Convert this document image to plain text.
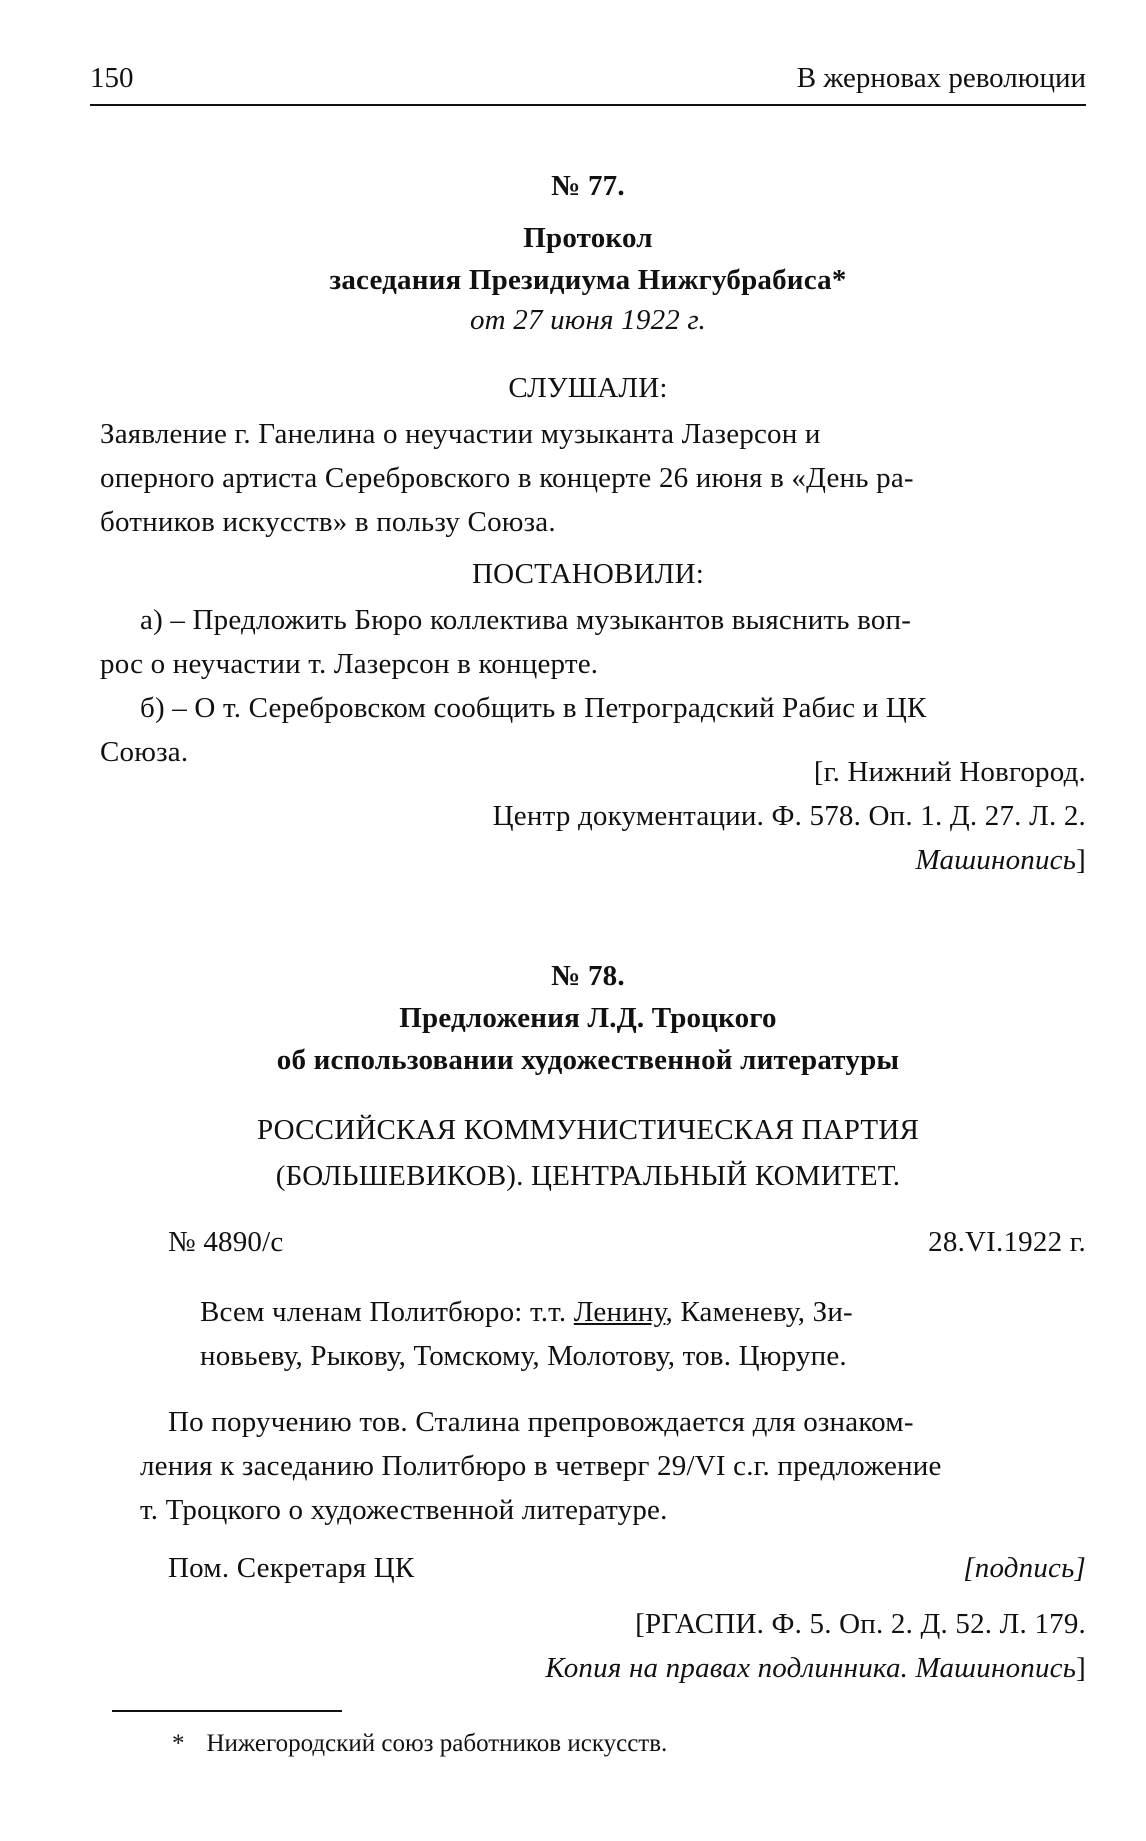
150	В жерновах революции
№ 77.
Протокол
заседания Президиума Нижгубрабиса*
от 27 июня 1922 г.
СЛУШАЛИ:
Заявление г. Ганелина о неучастии музыканта Лазерсон и
оперного артиста Серебровского в концерте 26 июня в «День ра-
ботников искусств» в пользу Союза.
ПОСТАНОВИЛИ:
а) – Предложить Бюро коллектива музыкантов выяснить воп-
рос о неучастии т. Лазерсон в концерте.
б) – О т. Серебровском сообщить в Петроградский Рабис и ЦК
Союза.
[г. Нижний Новгород.
Центр документации. Ф. 578. Оп. 1. Д. 27. Л. 2.
Машинопись]
№ 78.
Предложения Л.Д. Троцкого
об использовании художественной литературы
РОССИЙСКАЯ КОММУНИСТИЧЕСКАЯ ПАРТИЯ
(БОЛЬШЕВИКОВ). ЦЕНТРАЛЬНЫЙ КОМИТЕТ.
№ 4890/с	28.VI.1922 г.
Всем членам Политбюро: т.т. Ленину, Каменеву, Зи-
новьеву, Рыкову, Томскому, Молотову, тов. Цюрупе.
По поручению тов. Сталина препровождается для ознаком-
ления к заседанию Политбюро в четверг 29/VI с.г. предложение
т. Троцкого о художественной литературе.
Пом. Секретаря ЦК	[подпись]
[РГАСПИ. Ф. 5. Оп. 2. Д. 52. Л. 179.
Копия на правах подлинника. Машинопись]
* Нижегородский союз работников искусств.
